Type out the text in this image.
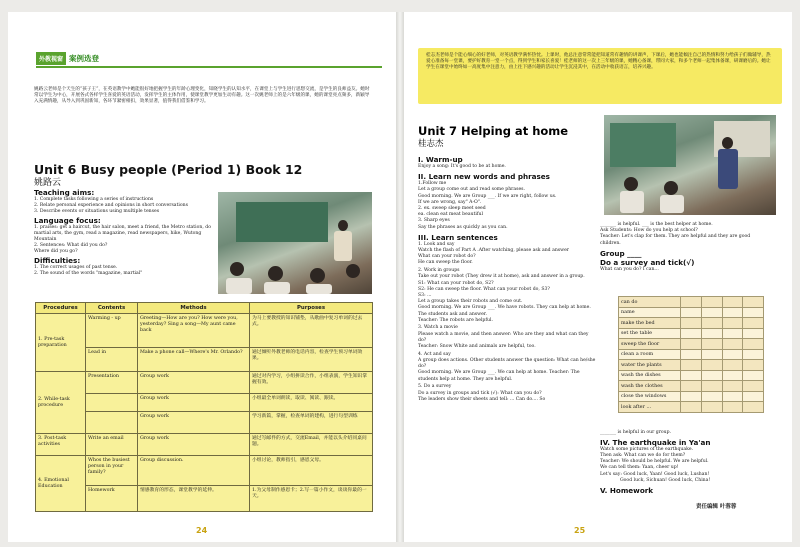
外教视窗 案例选登
姚路云老师是个天生的“孩子王”，在英语教学中她能很好地把握学生的年龄心理变化，知晓学生的认知水平，在课堂上与学生进行思想交流，是学生的良师益友。她时常以学生为中心，开展各式各样学生喜爱的英语活动，发挥学生的主体作用，使课堂教学更加生动有趣。这一次姚老师上的是六年级的课，她的课堂亮点频多，新颖导入充满情趣，从导入到巩固新知，各环节紧密相扣，效果显著，值得我们借鉴和学习。
Unit 6 Busy people (Period 1) Book 12
姚路云
Teaching aims:
1. Complete tasks following a series of instructions
2. Relate personal experience and opinions in short conversations
3. Describe events or situations using multiple tenses
Language focus:
1. praises: get a haircut, the hair salon, meet a friend, the Metro station, do martial arts, the gym, read a magazine, read newspapers, hike, Wutong Mountain
2. Sentences: What did you do?
Where did you go?
Difficulties:
1. The correct usages of past tense.
2. The sound of the words "magazine, martial"
Procedures	Contents	Methods	Purposes
1. Pre-task preparation	Warming - up	Greeting—How are you? How were you, yesterday? Sing a song—My aunt came back	为马上要教授的知识铺垫，从歌曲中复习单词的过去式。
	Lead in	Make a phone call—Where's Mr. Orlando?	通过倾听外教老师的电话内容，检查学生预习单词效果。
2. While-task procedure	Presentation	Group work	通过对内学习，小组拼读合作，小组表演，学生知识掌握有效。
		Group work	小组最全单词朗读，取读、阅读、跟读。
		Group work	学习新篇，掌握，检查单词的建构，进行句型训练
3. Post-task activities	Write an email	Group work	通过写邮件的方式，交流Email，并能以头介绍同桌问题。
4. Emotional Education	Whos the busiest person in your family?	Group discussion.	小组讨论，教师指引，感恩父母。
	Homework	情感教育的形态，课堂教学的延伸。	1.为父母制作感恩卡；2.写一篇小作文，谈谈你最的一天。
24
桂志杰老师是个能心细心的好老师，对英语教学满怀热忱。上课时，他总注意常常能把知道常有趣情的讲课声，下课后，她也能倾注自己的热情和努力给孩子们做辅导，热爱心准备每一堂课，要护好教育一堂一个点，得到学生和家长喜爱！桂老师的这一次上三年级的课，她精心备课，带同大家，和多个老师一起集体备课，研课磨后的。她让学生在课堂中始终如一高度集中注意力，由上往下感兴趣的活动让学生沉浸其中，在活动中收获语言，培养兴趣。
Unit 7 Helping at home
桂志杰
I. Warm-up
Enjoy a song: It's good to be at home.
II. Learn new words and phrases
1.Follow me
Let a group come out and read some phrases.
Good morning. We are Group ___. If we are right, follow us.
If we are wrong, say" A-O".
2. ex. sweep sleep meet seed
ea. clean eat meat beautiful
3. Sharp eyes
Say the phrases as quickly as you can.
III. Learn sentences
1. Look and say
Watch the flash of Part A .After watching, please ask and answer
What can your robot do?
He can sweep the floor.
2. Work in groups
Take out your robot (They drew it at home), ask and answer in a group.
S1: What can your robot do, S2?
S2: He can sweep the floor. What can your robot do, S3?
S3: ...
Let a group takes their robots and come out.
Good morning. We are Group ___. We have robots. They can help at home.
The students ask and answer.
Teacher: The robots are helpful.
3. Watch a movie
Please watch a movie, and then answer: Who are they and what can they do?
Teacher: Snow White and animals are helpful, too.
4. Act and say
A group does actions. Other students answer the question: What can he/she do?
Good morning. We are Group ___. We can help at home. Teacher: The students help at home. They are helpful.
5. Do a survey
Do a survey in groups and tick (√): What can you do?
The leaders show their sheets and tell: ... Can do.... So
_______ is helpful. ___ is the best helper at home.
Ask Students: How do you help at school?
Teacher: Let's clap for them. They are helpful and they are good children.
Group ____
Do a survey and tick(√)
What can you do? I can...
can do				
name				
make the bed				
set the table				
sweep the floor				
clean a room				
water the plants				
wash the dishes				
wash the clothes				
close the windows				
look after ...				
_______ is helpful in our group.
IV. The earthquake in Ya'an
Watch some pictures of the earthquake.
Then ask: What can we do for them?
Teacher: We should be helpful. We are helpful.
We can tell them: Yaan, cheer up!
Let's say: Good luck, Yaan! Good luck, Lushan!
Good luck, Sichuan! Good luck, China!
V. Homework
责任编辑 叶蓉蓉
25
